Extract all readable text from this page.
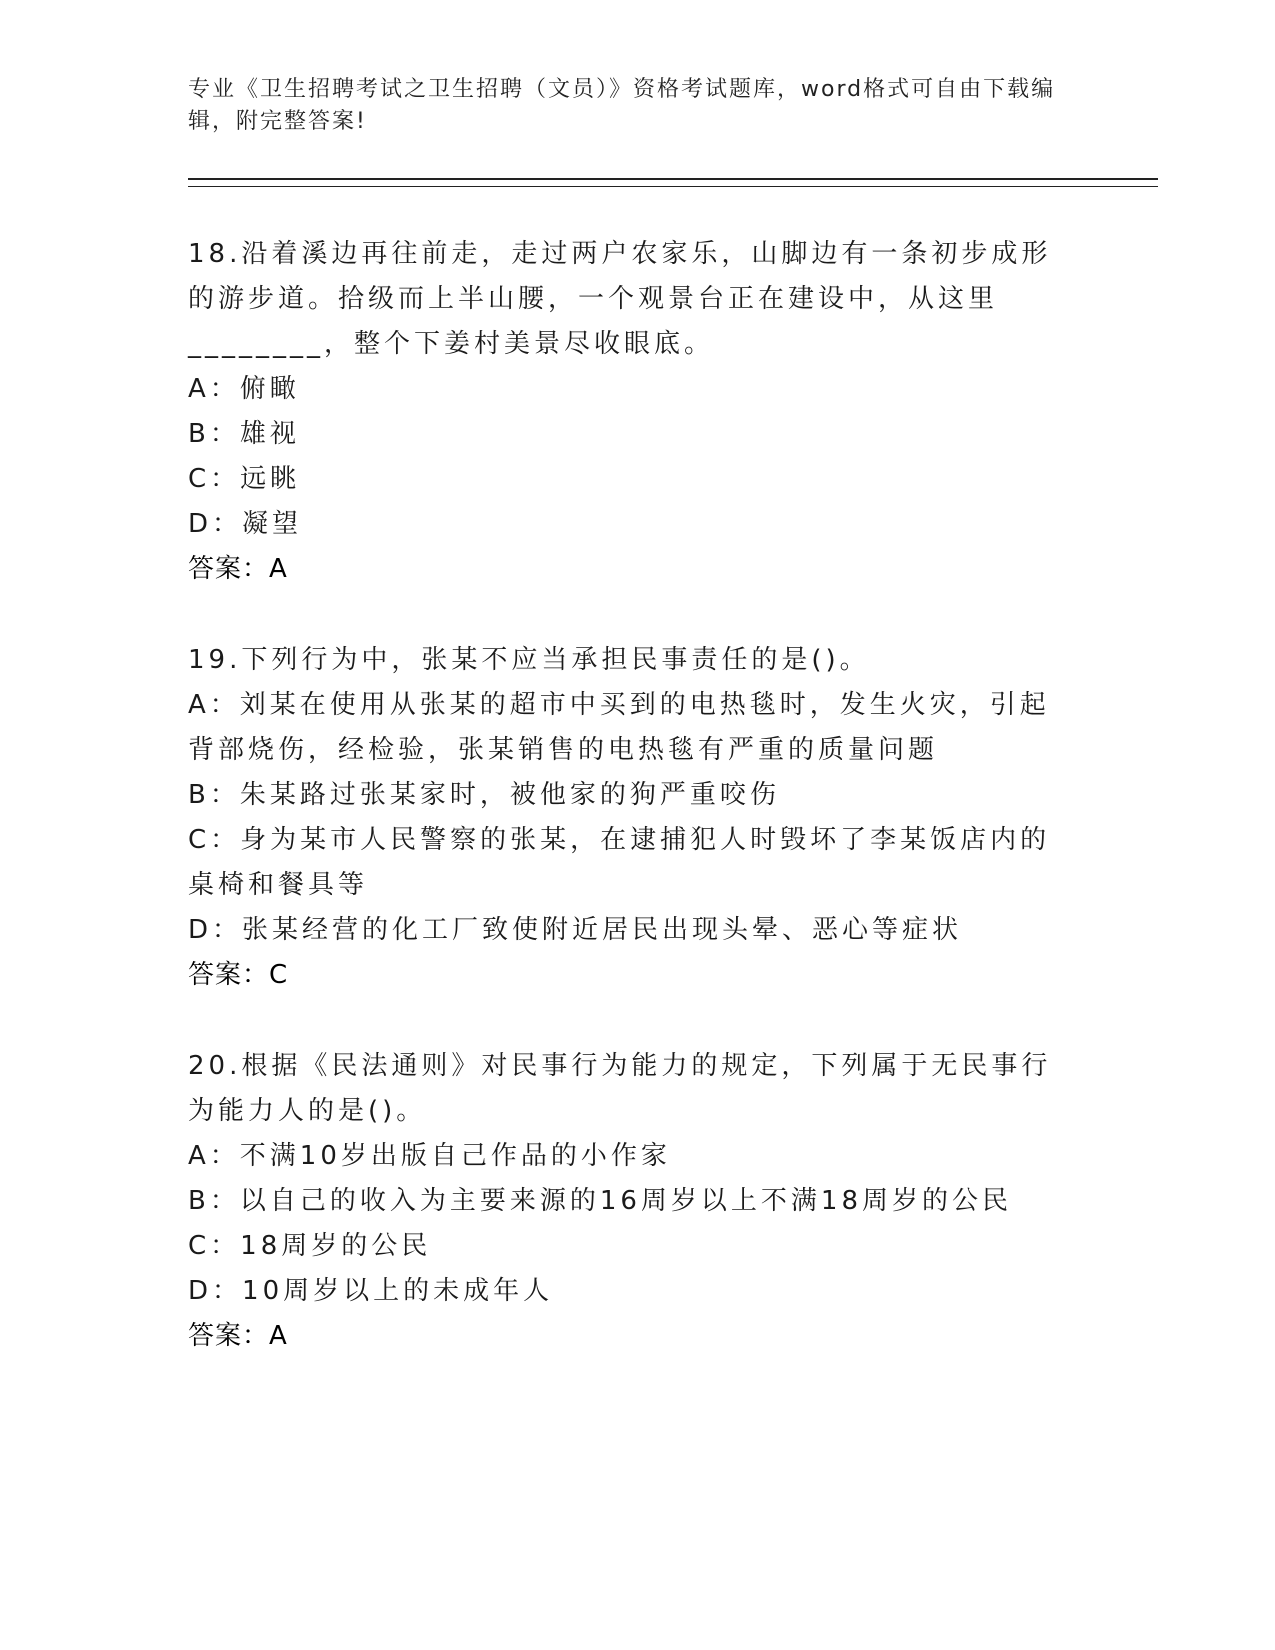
专业《卫生招聘考试之卫生招聘（文员）》资格考试题库，word格式可自由下载编辑，附完整答案!
18.沿着溪边再往前走，走过两户农家乐，山脚边有一条初步成形的游步道。拾级而上半山腰，一个观景台正在建设中，从这里________，整个下姜村美景尽收眼底。
A：俯瞰
B：雄视
C：远眺
D：凝望
答案：A
19.下列行为中，张某不应当承担民事责任的是()。
A：刘某在使用从张某的超市中买到的电热毯时，发生火灾，引起背部烧伤，经检验，张某销售的电热毯有严重的质量问题
B：朱某路过张某家时，被他家的狗严重咬伤
C：身为某市人民警察的张某，在逮捕犯人时毁坏了李某饭店内的桌椅和餐具等
D：张某经营的化工厂致使附近居民出现头晕、恶心等症状
答案：C
20.根据《民法通则》对民事行为能力的规定，下列属于无民事行为能力人的是()。
A：不满10岁出版自己作品的小作家
B：以自己的收入为主要来源的16周岁以上不满18周岁的公民
C：18周岁的公民
D：10周岁以上的未成年人
答案：A
